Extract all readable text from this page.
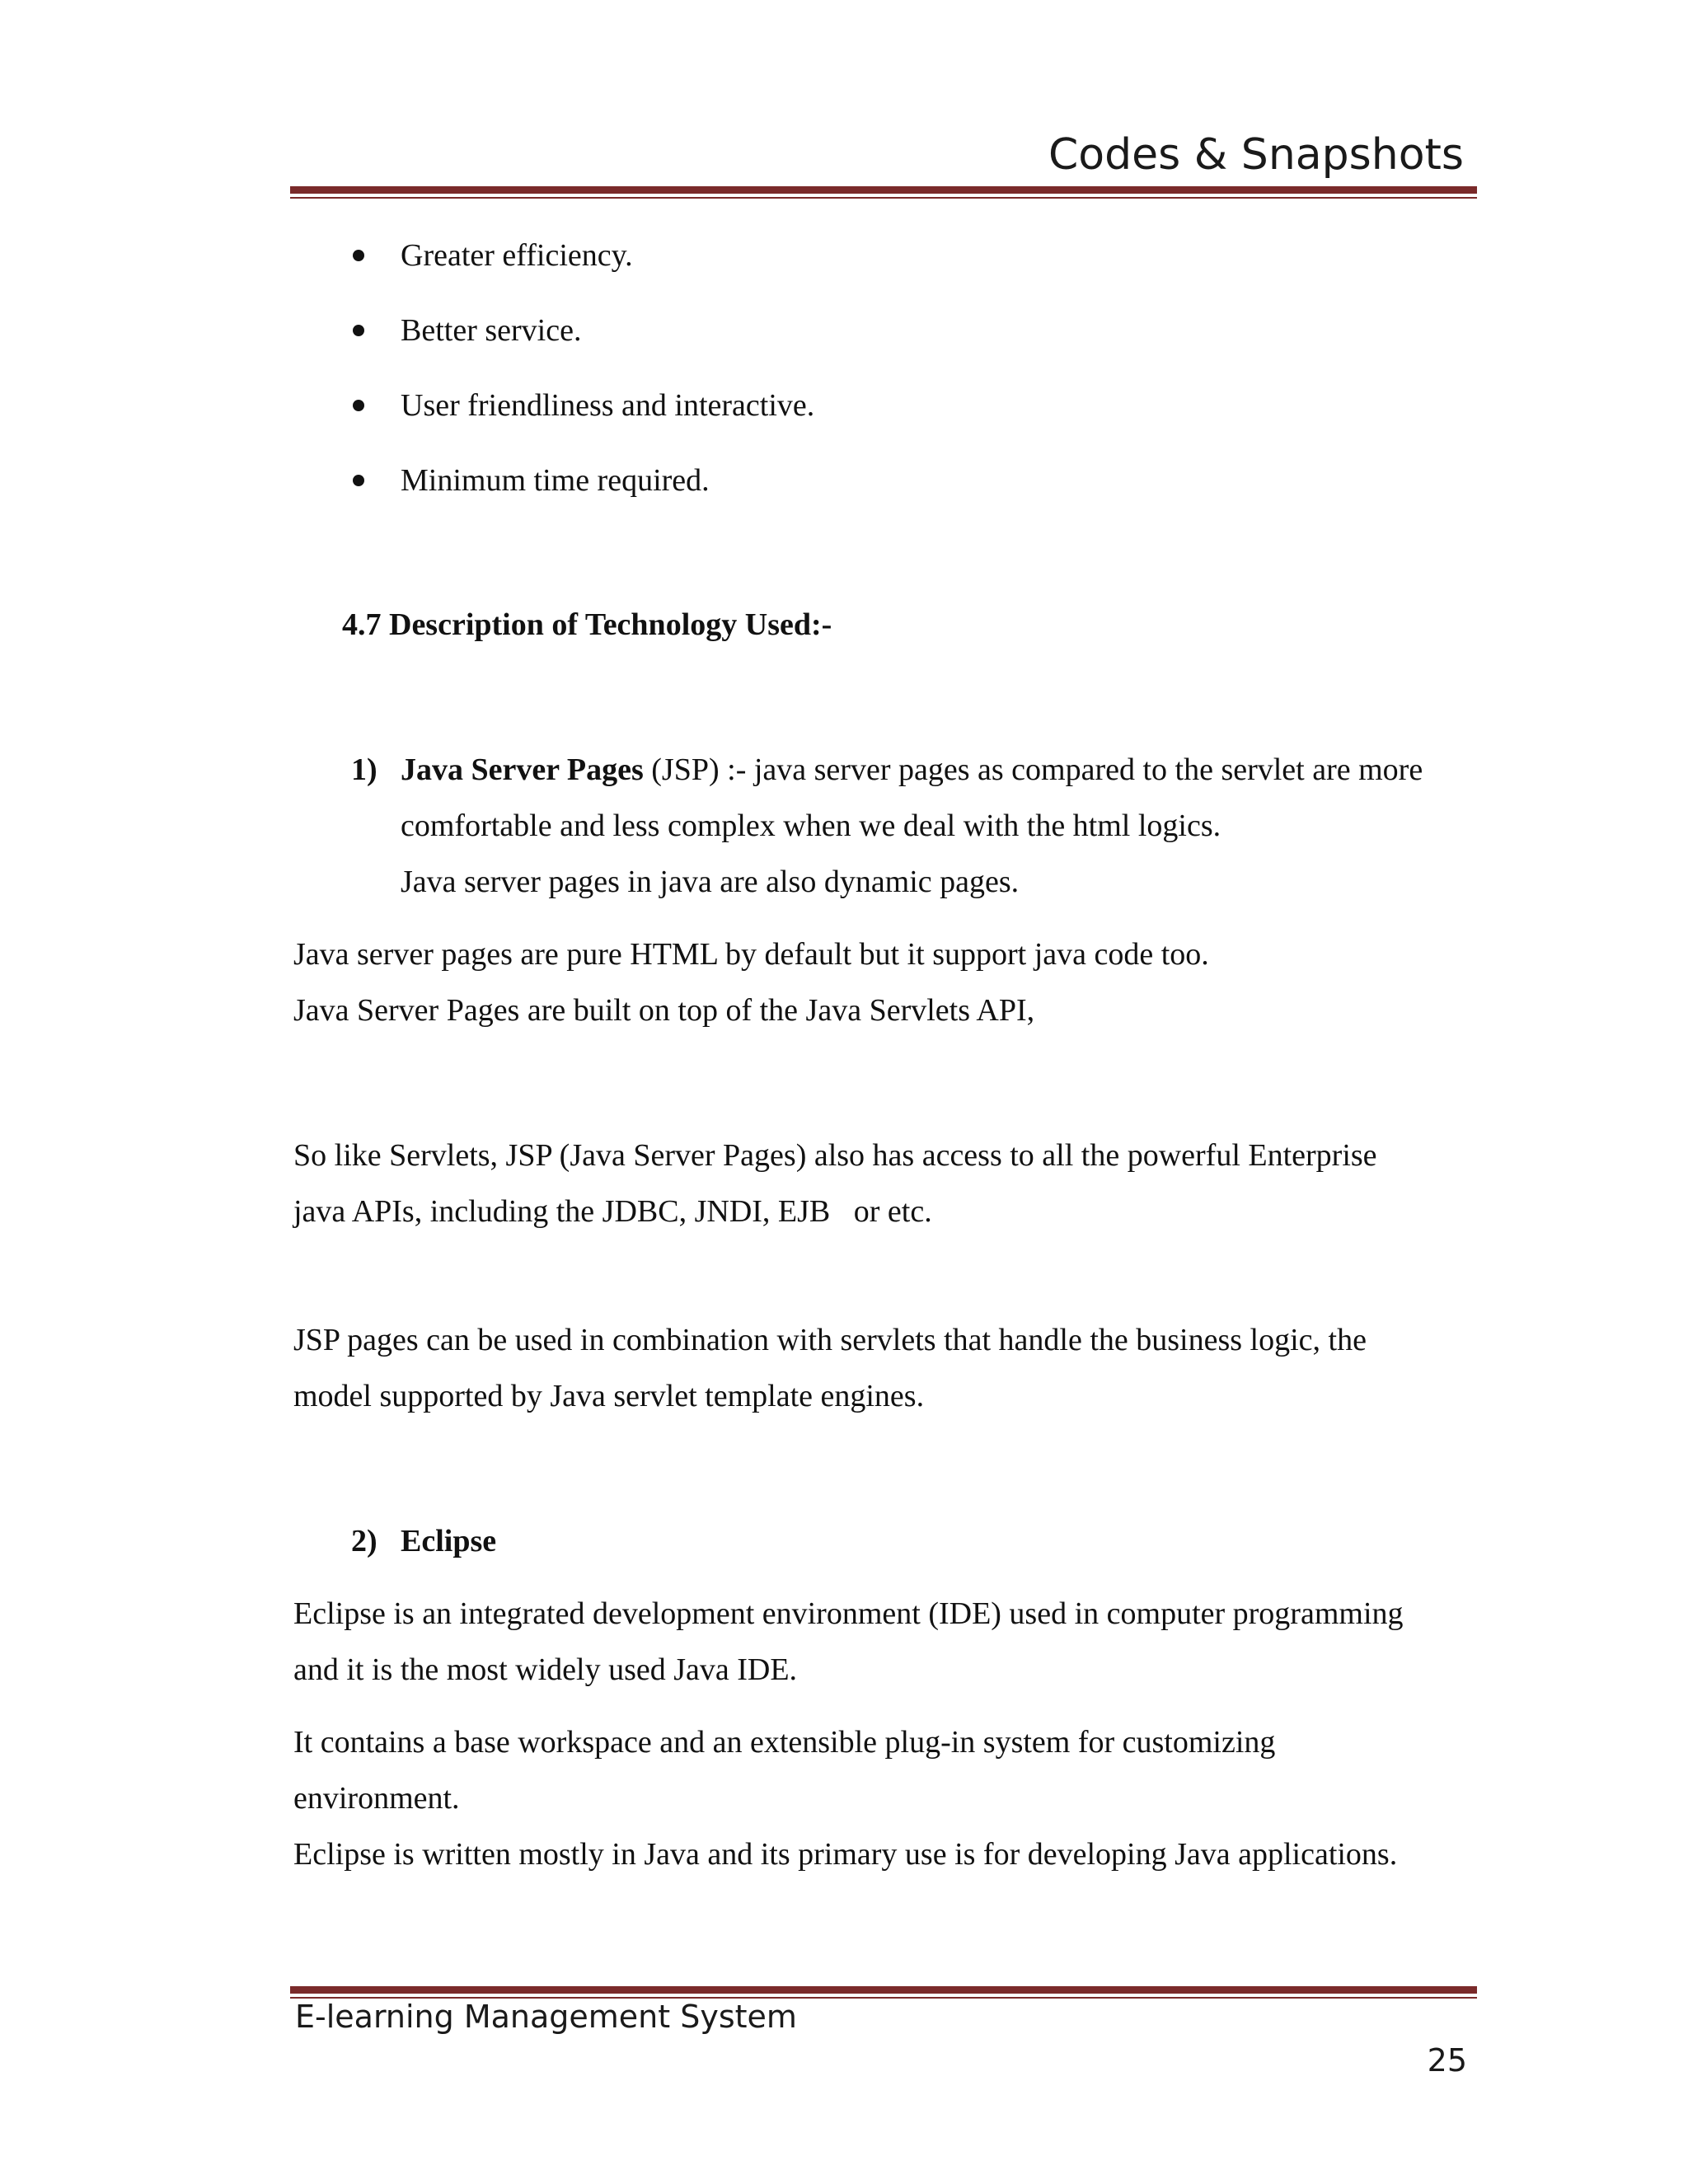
Codes & Snapshots
Greater efficiency.
Better service.
User friendliness and interactive.
Minimum time required.
4.7 Description of Technology Used:-
1) Java Server Pages (JSP) :- java server pages as compared to the servlet are more
comfortable and less complex when we deal with the html logics.
Java server pages in java are also dynamic pages.
Java server pages are pure HTML by default but it support java code too.
Java Server Pages are built on top of the Java Servlets API,
So like Servlets, JSP (Java Server Pages) also has access to all the powerful Enterprise
java APIs, including the JDBC, JNDI, EJB   or etc.
JSP pages can be used in combination with servlets that handle the business logic, the
model supported by Java servlet template engines.
2) Eclipse
Eclipse is an integrated development environment (IDE) used in computer programming
and it is the most widely used Java IDE.
It contains a base workspace and an extensible plug-in system for customizing
environment.
Eclipse is written mostly in Java and its primary use is for developing Java applications.
E-learning Management System
25
